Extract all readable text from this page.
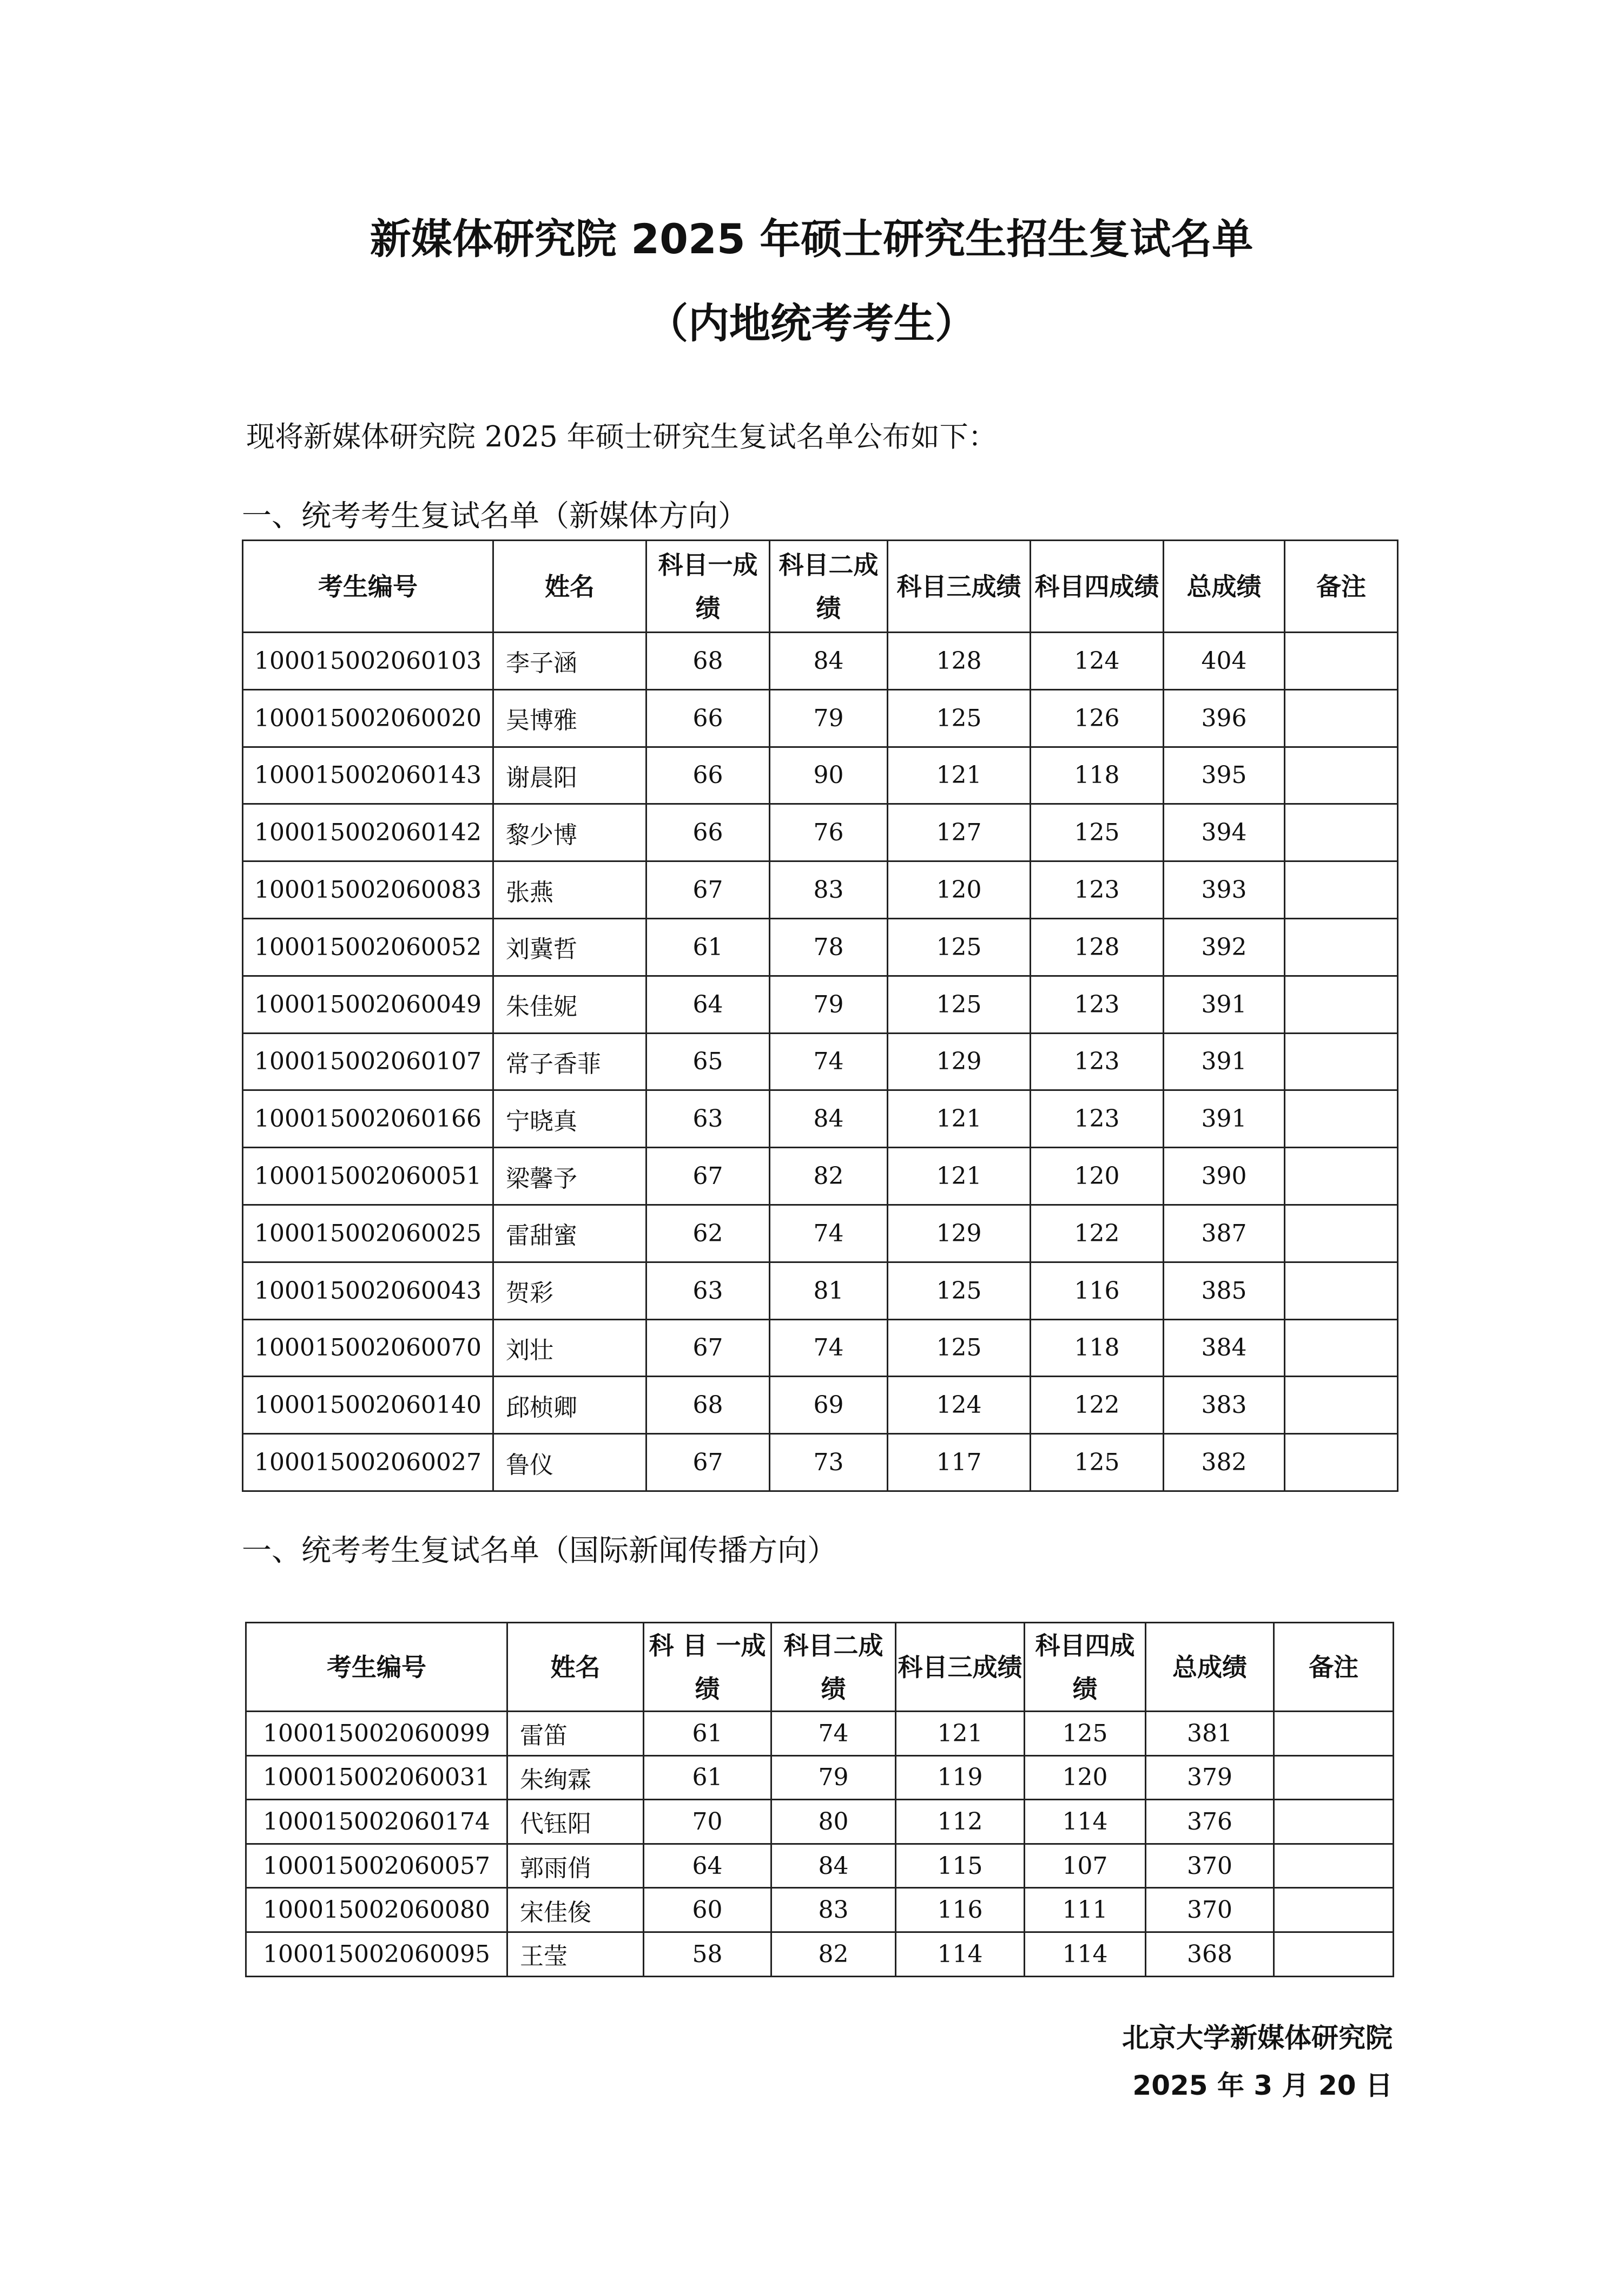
新媒体研究院 2025 年硕士研究生招生复试名单
（内地统考考生）

现将新媒体研究院 2025 年硕士研究生复试名单公布如下：

一、统考考生复试名单（新媒体方向）

考生编号	姓名	科目一成绩	科目二成绩	科目三成绩	科目四成绩	总成绩	备注
100015002060103	李子涵	68	84	128	124	404	
100015002060020	吴博雅	66	79	125	126	396	
100015002060143	谢晨阳	66	90	121	118	395	
100015002060142	黎少博	66	76	127	125	394	
100015002060083	张燕	67	83	120	123	393	
100015002060052	刘冀哲	61	78	125	128	392	
100015002060049	朱佳妮	64	79	125	123	391	
100015002060107	常子香菲	65	74	129	123	391	
100015002060166	宁晓真	63	84	121	123	391	
100015002060051	梁馨予	67	82	121	120	390	
100015002060025	雷甜蜜	62	74	129	122	387	
100015002060043	贺彩	63	81	125	116	385	
100015002060070	刘壮	67	74	125	118	384	
100015002060140	邱桢卿	68	69	124	122	383	
100015002060027	鲁仪	67	73	117	125	382	

一、统考考生复试名单（国际新闻传播方向）

考生编号	姓名	科 目 一成绩	科目二成绩	科目三成绩	科目四成绩	总成绩	备注
100015002060099	雷笛	61	74	121	125	381	
100015002060031	朱绚霖	61	79	119	120	379	
100015002060174	代钰阳	70	80	112	114	376	
100015002060057	郭雨俏	64	84	115	107	370	
100015002060080	宋佳俊	60	83	116	111	370	
100015002060095	王莹	58	82	114	114	368	

北京大学新媒体研究院

2025 年 3 月 20 日
